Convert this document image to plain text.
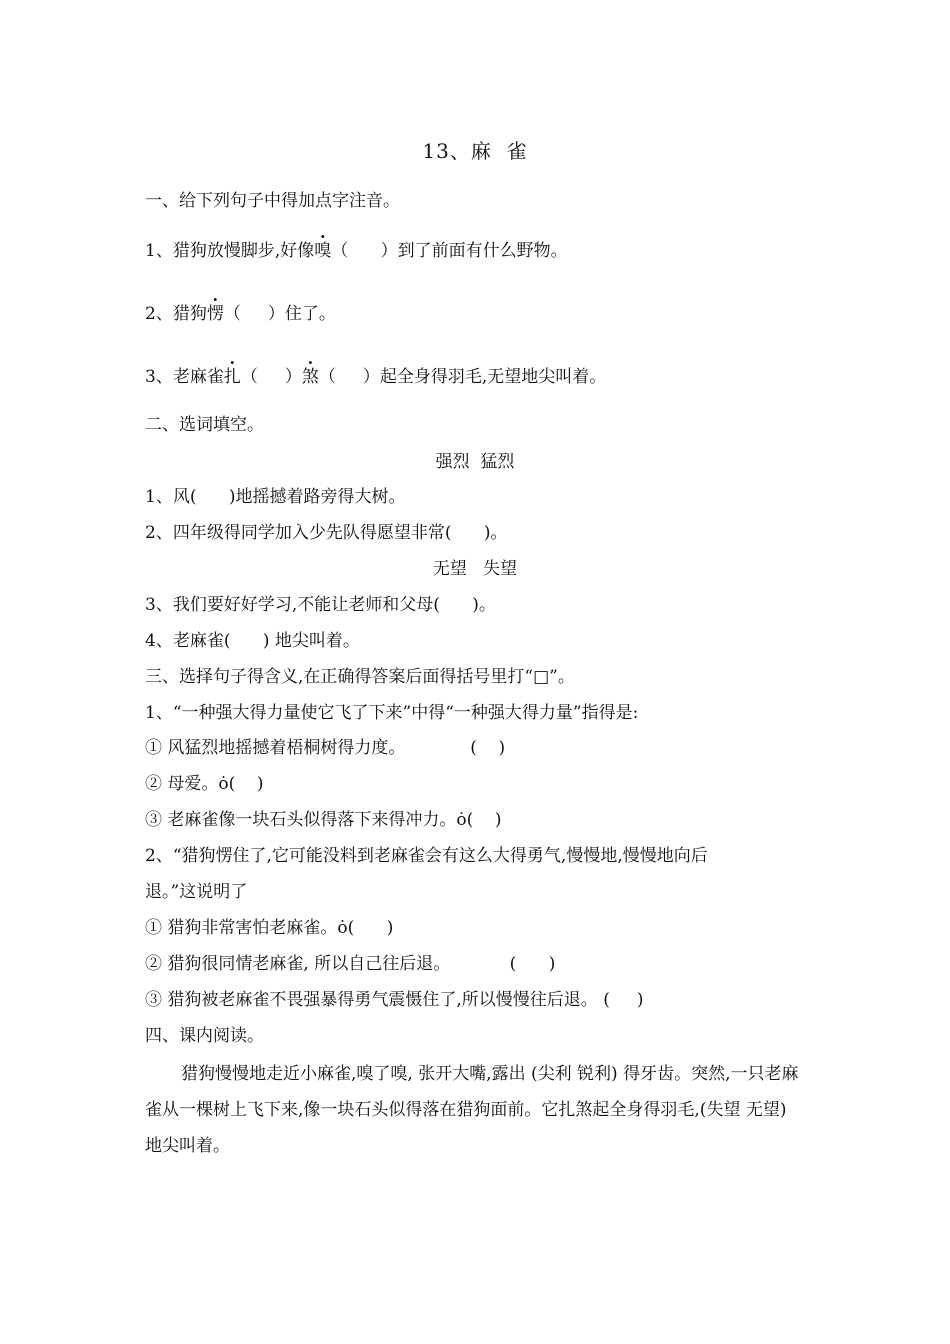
13、麻  雀
一、给下列句子中得加点字注音。
1、猎狗放慢脚步,好像嗅（      ）到了前面有什么野物。
2、猎狗愣（     ）住了。
3、老麻雀扎（     ）煞（     ）起全身得羽毛,无望地尖叫着。
二、选词填空。
强烈  猛烈
1、风(      )地摇撼着路旁得大树。
2、四年级得同学加入少先队得愿望非常(      )。
无望   失望
3、我们要好好学习,不能让老师和父母(      )。
4、老麻雀(      ) 地尖叫着。
三、选择句子得含义,在正确得答案后面得括号里打“□”。
1、“一种强大得力量使它飞了下来”中得“一种强大得力量”指得是:
① 风猛烈地摇撼着梧桐树得力度。            (    )
② 母爱。ȯ(    )
③ 老麻雀像一块石头似得落下来得冲力。ȯ(    )
2、“猎狗愣住了,它可能没料到老麻雀会有这么大得勇气,慢慢地,慢慢地向后
退。”这说明了
① 猎狗非常害怕老麻雀。ȯ(      )
② 猎狗很同情老麻雀, 所以自己往后退。           (      )
③ 猎狗被老麻雀不畏强暴得勇气震慑住了,所以慢慢往后退。 (     )
四、课内阅读。
猎狗慢慢地走近小麻雀,嗅了嗅, 张开大嘴,露出 (尖利 锐利) 得牙齿。突然,一只老麻雀从一棵树上飞下来,像一块石头似得落在猎狗面前。它扎煞起全身得羽毛,(失望 无望) 地尖叫着。
